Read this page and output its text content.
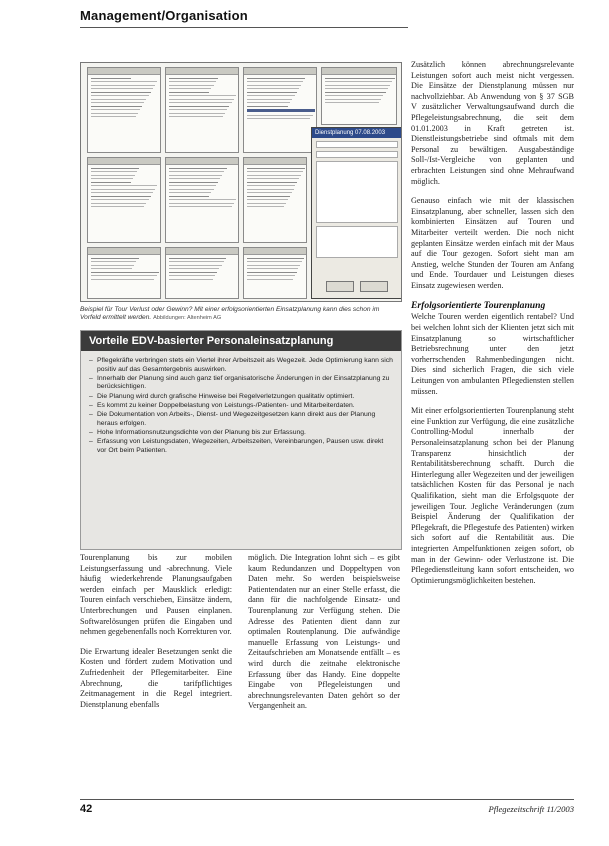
Management/Organisation
Dienstplanung 07.08.2003
Beispiel für Tour Verlust oder Gewinn? Mit einer erfolgsorientierten Einsatzplanung kann dies schon im Vorfeld ermittelt werden. Abbildungen: Altenheim AG
Vorteile EDV-basierter Personaleinsatzplanung
– Pflegekräfte verbringen stets ein Viertel ihrer Arbeitszeit als Wegezeit. Jede Optimierung kann sich positiv auf das Gesamtergebnis auswirken.
– Innerhalb der Planung sind auch ganz tief organisatorische Änderungen in der Einsatzplanung zu berücksichtigen.
– Die Planung wird durch grafische Hinweise bei Regelverletzungen qualitativ optimiert.
– Es kommt zu keiner Doppelbelastung von Leistungs-/Patienten- und Mitarbeiterdaten.
– Die Dokumentation von Arbeits-, Dienst- und Wegezeitgesetzen kann direkt aus der Planung heraus erfolgen.
– Hohe Informationsnutzungsdichte von der Planung bis zur Erfassung.
– Erfassung von Leistungsdaten, Wegezeiten, Arbeitszeiten, Vereinbarungen, Pausen usw. direkt vor Ort beim Patienten.

Tourenplanung bis zur mobilen Leistungserfassung und -abrechnung. Viele häufig wiederkehrende Planungsaufgaben werden einfach per Mausklick erledigt: Touren einfach verschieben, Einsätze ändern, Unterbrechungen und Pausen einplanen. Softwarelösungen prüfen die Eingaben und nehmen gegebenenfalls noch Korrekturen vor.

Die Erwartung idealer Besetzungen senkt die Kosten und fördert zudem Motivation und Zufriedenheit der Pflegemitarbeiter. Eine Abrechnung, die tarifpflichtiges Zeitmanagement in die Regel integriert. Dienstplanung ebenfalls

möglich. Die Integration lohnt sich – es gibt kaum Redundanzen und Doppeltypen von Daten mehr. So werden beispielsweise Patientendaten nur an einer Stelle erfasst, die dann für die nachfolgende Einsatz- und Tourenplanung zur Verfügung stehen. Die Adresse des Patienten dient dann zur optimalen Routenplanung. Die aufwändige manuelle Erfassung von Leistungs- und Zeitaufschrieben am Monatsende entfällt – es wird durch die zeitnahe elektronische Erfassung über das Handy. Eine doppelte Eingabe von Pflegeleistungen und abrechnungsrelevanten Daten gehört so der Vergangenheit an.

Zusätzlich können abrechnungsrelevante Leistungen sofort auch meist nicht vergessen. Die Einsätze der Dienstplanung müssen nur nachvollziehbar. Ab Anwendung von § 37 SGB V zusätzlicher Verwaltungsaufwand durch die Pflegeleistungsabrechnung, die seit dem 01.01.2003 in Kraft getreten ist. Dienstleistungsbetriebe sind oftmals mit dem Personal zu bewältigen. Ausgabeständige Soll-/Ist-Vergleiche von geplanten und erbrachten Leistungen sind ohne Mehraufwand möglich.

Genauso einfach wie mit der klassischen Einsatzplanung, aber schneller, lassen sich den kombinierten Einsätzen auf Touren und Mitarbeiter verteilt werden. Die noch nicht geplanten Einsätze werden einfach mit der Maus auf die Tour gezogen. Sofort sieht man am Anstieg, welche Stunden der Touren am Anfang und Ende. Tourdauer und Leistungen dieses Einsatz zugewiesen werden.

Erfolgsorientierte Tourenplanung

Welche Touren werden eigentlich rentabel? Und bei welchen lohnt sich der Klienten jetzt sich mit Einsatzplanung so wirtschaftlicher Betriebsrechnung unter den jetzt vorherrschenden Rahmenbedingungen nicht. Dies sind sicherlich Fragen, die sich viele Leitungen von ambulanten Pflegediensten stellen müssen.

Mit einer erfolgsorientierten Tourenplanung steht eine Funktion zur Verfügung, die eine zusätzliche Controlling-Modul innerhalb der Personaleinsatzplanung schon bei der Planung Transparenz hinsichtlich der Rentabilitätsberechnung schafft. Durch die Hinterlegung aller Wegezeiten und der jeweiligen tatsächlichen Kosten für das Personal je nach Qualifikation, sieht man die Erfolgsquote der jeweiligen Tour. Jegliche Veränderungen (zum Beispiel Änderung der Qualifikation der Pflegekraft, die Pflegestufe des Patienten) wirken sich sofort auf die Rentabilität aus. Die integrierten Ampelfunktionen zeigen sofort, ob man in der Gewinn- oder Verlustzone ist. Die Pflegedienstleitung kann sofort entscheiden, wo Optimierungsmöglichkeiten bestehen.

42	Pflegezeitschrift 11/2003
